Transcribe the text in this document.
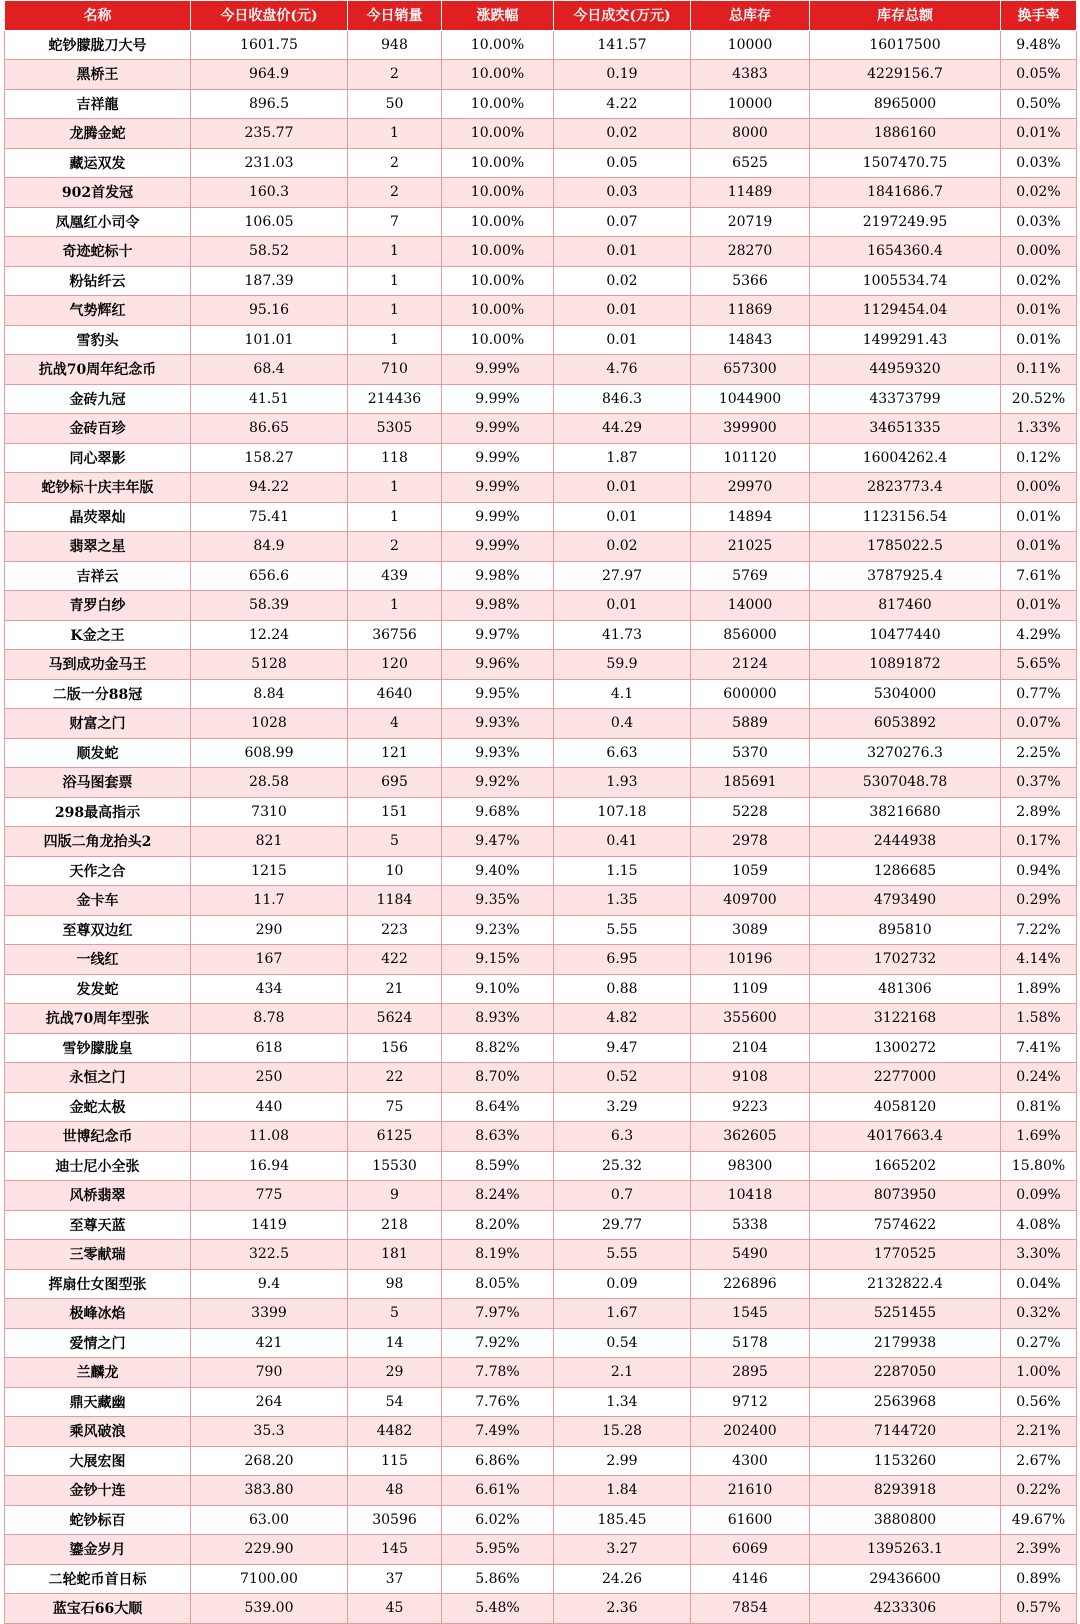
名称	今日收盘价(元)	今日销量	涨跌幅	今日成交(万元)	总库存	库存总额	换手率
蛇钞朦胧刀大号	1601.75	948	10.00%	141.57	10000	16017500	9.48%
黑桥王	964.9	2	10.00%	0.19	4383	4229156.7	0.05%
吉祥龍	896.5	50	10.00%	4.22	10000	8965000	0.50%
龙腾金蛇	235.77	1	10.00%	0.02	8000	1886160	0.01%
藏运双发	231.03	2	10.00%	0.05	6525	1507470.75	0.03%
902首发冠	160.3	2	10.00%	0.03	11489	1841686.7	0.02%
凤凰红小司令	106.05	7	10.00%	0.07	20719	2197249.95	0.03%
奇迹蛇标十	58.52	1	10.00%	0.01	28270	1654360.4	0.00%
粉钻纤云	187.39	1	10.00%	0.02	5366	1005534.74	0.02%
气势辉红	95.16	1	10.00%	0.01	11869	1129454.04	0.01%
雪豹头	101.01	1	10.00%	0.01	14843	1499291.43	0.01%
抗战70周年纪念币	68.4	710	9.99%	4.76	657300	44959320	0.11%
金砖九冠	41.51	214436	9.99%	846.3	1044900	43373799	20.52%
金砖百珍	86.65	5305	9.99%	44.29	399900	34651335	1.33%
同心翠影	158.27	118	9.99%	1.87	101120	16004262.4	0.12%
蛇钞标十庆丰年版	94.22	1	9.99%	0.01	29970	2823773.4	0.00%
晶荧翠灿	75.41	1	9.99%	0.01	14894	1123156.54	0.01%
翡翠之星	84.9	2	9.99%	0.02	21025	1785022.5	0.01%
吉祥云	656.6	439	9.98%	27.97	5769	3787925.4	7.61%
青罗白纱	58.39	1	9.98%	0.01	14000	817460	0.01%
K金之王	12.24	36756	9.97%	41.73	856000	10477440	4.29%
马到成功金马王	5128	120	9.96%	59.9	2124	10891872	5.65%
二版一分88冠	8.84	4640	9.95%	4.1	600000	5304000	0.77%
财富之门	1028	4	9.93%	0.4	5889	6053892	0.07%
顺发蛇	608.99	121	9.93%	6.63	5370	3270276.3	2.25%
浴马图套票	28.58	695	9.92%	1.93	185691	5307048.78	0.37%
298最高指示	7310	151	9.68%	107.18	5228	38216680	2.89%
四版二角龙抬头2	821	5	9.47%	0.41	2978	2444938	0.17%
天作之合	1215	10	9.40%	1.15	1059	1286685	0.94%
金卡车	11.7	1184	9.35%	1.35	409700	4793490	0.29%
至尊双边红	290	223	9.23%	5.55	3089	895810	7.22%
一线红	167	422	9.15%	6.95	10196	1702732	4.14%
发发蛇	434	21	9.10%	0.88	1109	481306	1.89%
抗战70周年型张	8.78	5624	8.93%	4.82	355600	3122168	1.58%
雪钞朦胧皇	618	156	8.82%	9.47	2104	1300272	7.41%
永恒之门	250	22	8.70%	0.52	9108	2277000	0.24%
金蛇太极	440	75	8.64%	3.29	9223	4058120	0.81%
世博纪念币	11.08	6125	8.63%	6.3	362605	4017663.4	1.69%
迪士尼小全张	16.94	15530	8.59%	25.32	98300	1665202	15.80%
风桥翡翠	775	9	8.24%	0.7	10418	8073950	0.09%
至尊天蓝	1419	218	8.20%	29.77	5338	7574622	4.08%
三零献瑞	322.5	181	8.19%	5.55	5490	1770525	3.30%
挥扇仕女图型张	9.4	98	8.05%	0.09	226896	2132822.4	0.04%
极峰冰焰	3399	5	7.97%	1.67	1545	5251455	0.32%
爱情之门	421	14	7.92%	0.54	5178	2179938	0.27%
兰麟龙	790	29	7.78%	2.1	2895	2287050	1.00%
鼎天藏幽	264	54	7.76%	1.34	9712	2563968	0.56%
乘风破浪	35.3	4482	7.49%	15.28	202400	7144720	2.21%
大展宏图	268.20	115	6.86%	2.99	4300	1153260	2.67%
金钞十连	383.80	48	6.61%	1.84	21610	8293918	0.22%
蛇钞标百	63.00	30596	6.02%	185.45	61600	3880800	49.67%
鎏金岁月	229.90	145	5.95%	3.27	6069	1395263.1	2.39%
二轮蛇币首日标	7100.00	37	5.86%	24.26	4146	29436600	0.89%
蓝宝石66大顺	539.00	45	5.48%	2.36	7854	4233306	0.57%
